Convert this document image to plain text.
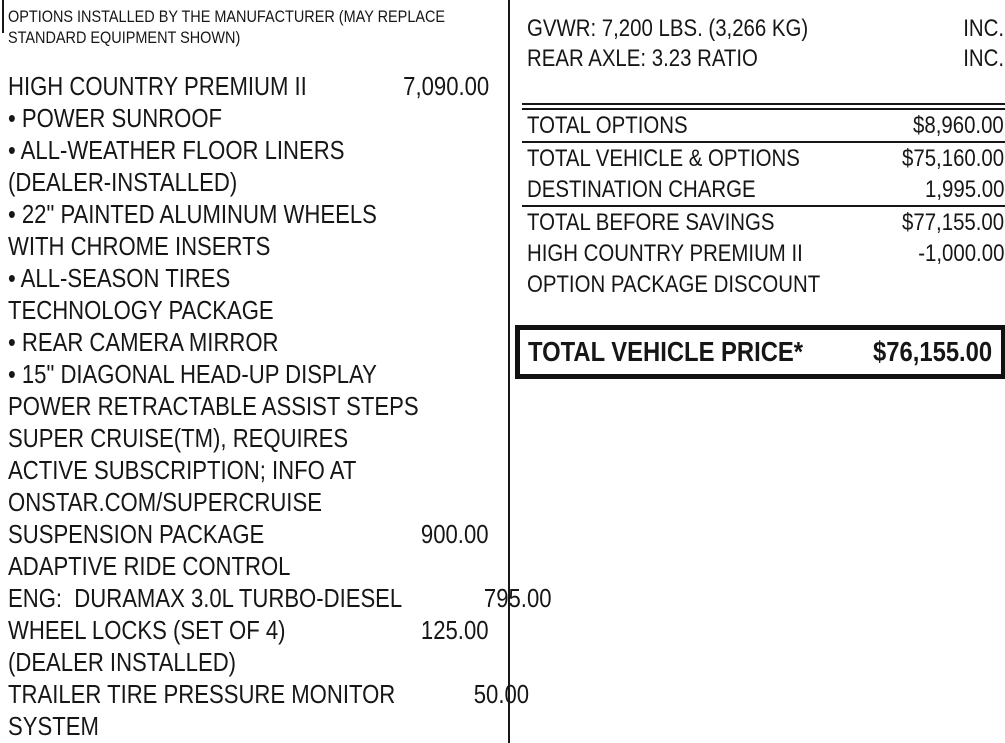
OPTIONS INSTALLED BY THE MANUFACTURER (MAY REPLACE
STANDARD EQUIPMENT SHOWN)
HIGH COUNTRY PREMIUM II	7,090.00
• POWER SUNROOF
• ALL-WEATHER FLOOR LINERS
(DEALER-INSTALLED)
• 22" PAINTED ALUMINUM WHEELS
WITH CHROME INSERTS
• ALL-SEASON TIRES
TECHNOLOGY PACKAGE
• REAR CAMERA MIRROR
• 15" DIAGONAL HEAD-UP DISPLAY
POWER RETRACTABLE ASSIST STEPS
SUPER CRUISE(TM), REQUIRES
ACTIVE SUBSCRIPTION; INFO AT
ONSTAR.COM/SUPERCRUISE
SUSPENSION PACKAGE	900.00
ADAPTIVE RIDE CONTROL
ENG:  DURAMAX 3.0L TURBO-DIESEL	795.00
WHEEL LOCKS (SET OF 4)	125.00
(DEALER INSTALLED)
TRAILER TIRE PRESSURE MONITOR	50.00
SYSTEM
GVWR: 7,200 LBS. (3,266 KG)	INC.
REAR AXLE: 3.23 RATIO	INC.
TOTAL OPTIONS	$8,960.00
TOTAL VEHICLE & OPTIONS	$75,160.00
DESTINATION CHARGE	1,995.00
TOTAL BEFORE SAVINGS	$77,155.00
HIGH COUNTRY PREMIUM II	-1,000.00
OPTION PACKAGE DISCOUNT
TOTAL VEHICLE PRICE* $76,155.00
